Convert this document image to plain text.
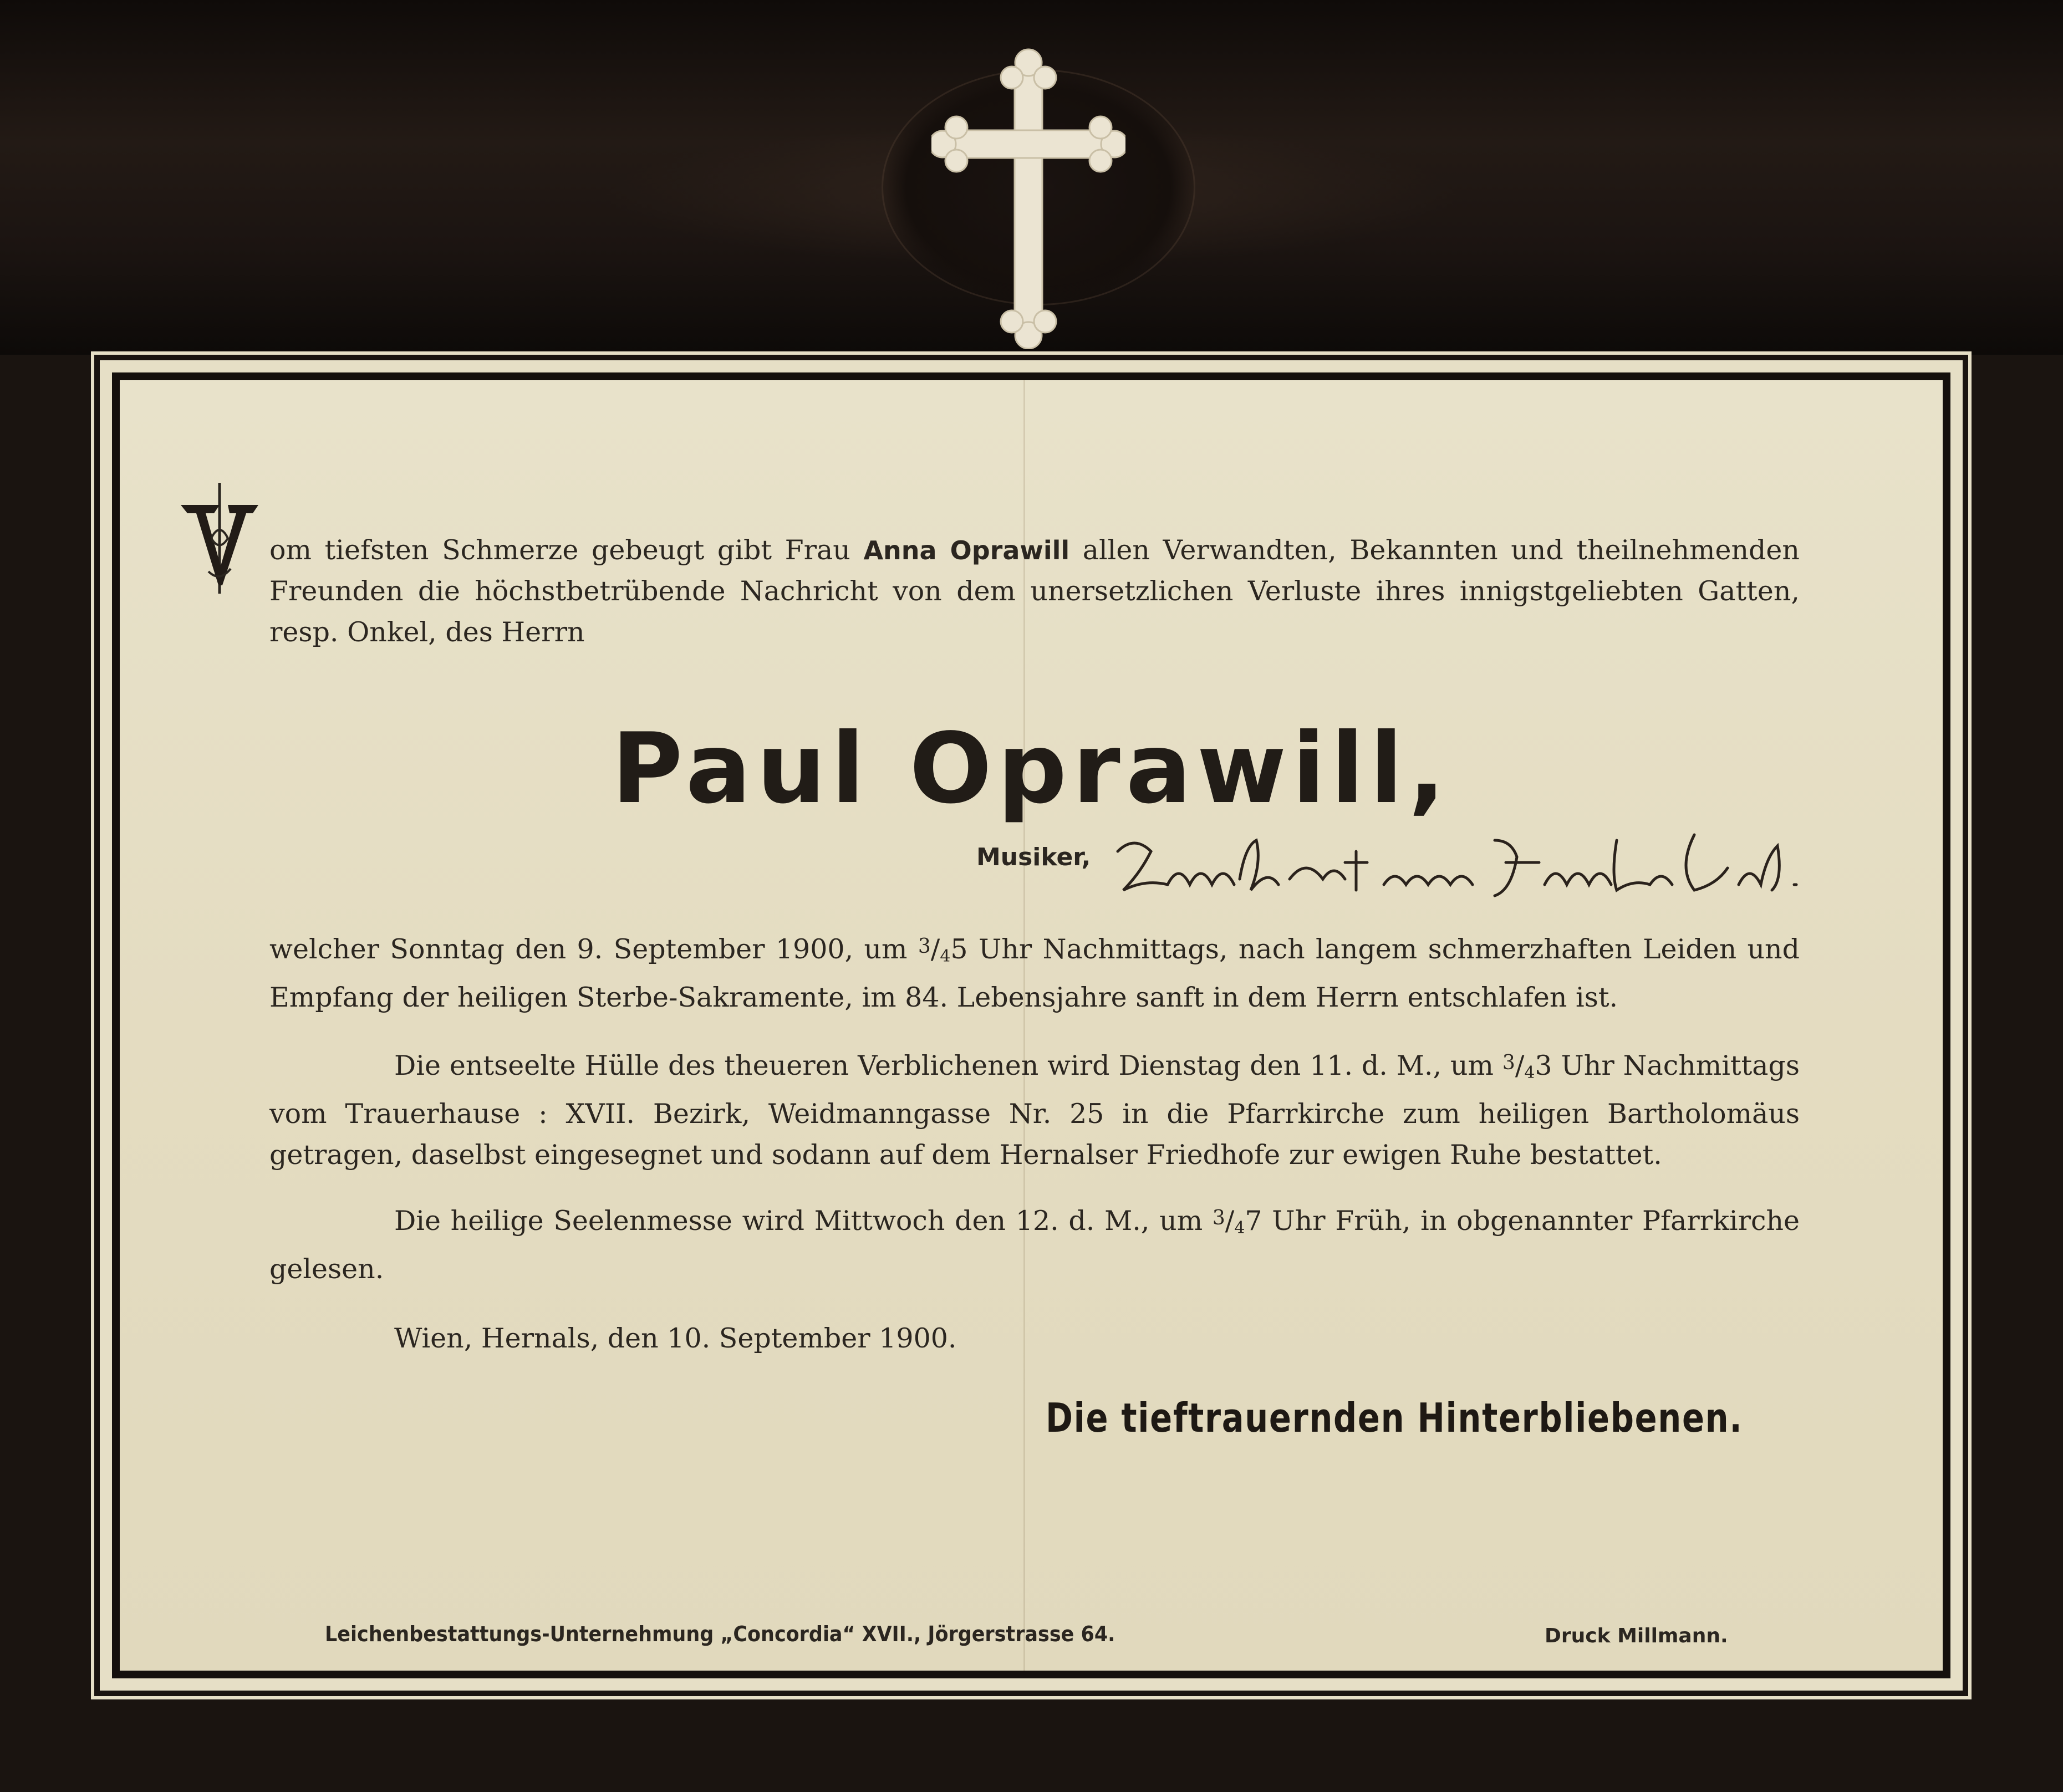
om tiefsten Schmerze gebeugt gibt Frau Anna Oprawill allen Verwandten, Bekannten und theilnehmenden Freunden die höchstbetrübende Nachricht von dem unersetzlichen Verluste ihres innigstgeliebten Gatten, resp. Onkel, des Herrn
Paul Oprawill,
Musiker,
welcher Sonntag den 9. September 1900, um $^3$/45 Uhr Nachmittags, nach langem schmerzhaften Leiden und Empfang der heiligen Sterbe-Sakramente, im 84. Lebensjahre sanft in dem Herrn entschlafen ist.
Die entseelte Hülle des theueren Verblichenen wird Dienstag den 11. d. M., um $^3$/43 Uhr Nachmittags vom Trauerhause : XVII. Bezirk, Weidmanngasse Nr. 25 in die Pfarrkirche zum heiligen Bartholomäus getragen, daselbst eingesegnet und sodann auf dem Hernalser Friedhofe zur ewigen Ruhe bestattet.
Die heilige Seelenmesse wird Mittwoch den 12. d. M., um $^3$/47 Uhr Früh, in obgenannter Pfarrkirche gelesen.
Wien, Hernals, den 10. September 1900.
Die tieftrauernden Hinterbliebenen.
Leichenbestattungs-Unternehmung „Concordia“ XVII., Jörgerstrasse 64.	Druck Millmann.
